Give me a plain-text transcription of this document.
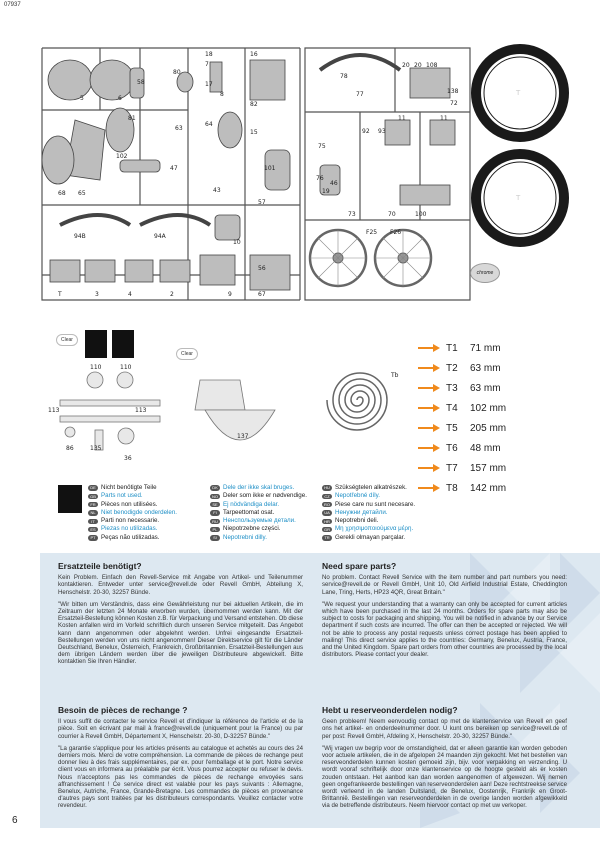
07937
5	6
58
80
18
17
7
16
8
82
20 20 108
138
72
78
77
81
63
64
15
11	11
102
47	101
75
92 93
68 65	43
76
46
19
57
73	70	100
94B	94A
10
F25 F26
T	3	4	2	9
56
67
T
T
chrome
Clear
Clear
110	110
113	113
86	135
36
137
Tb
T1	71 mm
T2	63 mm
T3	63 mm
T4	102 mm
T5	205 mm
T6	48 mm
T7	157 mm
T8	142 mm
DE Nicht benötigte Teile
GB Parts not used.
FR Pièces non utilisées.
NL Niet benodigde onderdelen.
IT	Parti non necessarie.
ES Piezas no utilizadas.
PT Peças não utilizadas.
DK Dele der ikke skal bruges.
NO Deler som ikke er nødvendige.
SE Ej nödvändiga delar.
FI	Tarpeettomat osat.
RU Ненспользуемые детали.
PL Niepotrzebne części.
SI Nepotrebni dilly.
HU Szükségtelen alkatrészek.
CZ Nepotřebné díly.
RO Piese care nu sunt necesare.
UA Ненужни детайли.
HR Nepotrebni deli.
GR Μη χρησιμοποιούμενα μέρη.
TR Gerekli olmayan parçalar.
Ersatzteile benötigt?

Kein Problem. Einfach den Revell-Service mit Angabe von Artikel- und Teilenummer kontaktieren. Entweder unter service@revell.de oder Revell GmbH, Abteilung X, Henschelstr. 20-30, 32257 Bünde.

"Wir bitten um Verständnis, dass eine Gewährleistung nur bei aktuellen Artikeln, die im Zeitraum der letzten 24 Monate erworben wurden, übernommen werden kann. Mit der Ersatzteil-Bestellung können Kosten z.B. für Verpackung und Versand entstehen. Ob diese Kosten anfallen wird im Vorfeld schriftlich durch unseren Service mitgeteilt. Das Angebot kann dann angenommen oder abgelehnt werden. Unfrei eingesandte Ersatzteil-Bestellungen werden von uns nicht angenommen! Dieser Direktservice gilt für die Länder Deutschland, Benelux, Österreich, Frankreich, Großbritannien. Ersatzteil-Bestellungen aus dem übrigen Ländern werden über die jeweiligen Distributeure abgewickelt. Bitte kontaktien Sie Ihren Händler.

Besoin de pièces de rechange ?

Il vous suffit de contacter le service Revell et d'indiquer la référence de l'article et de la pièce. Soit en écrivant par mail à france@revell.de (uniquement pour la France) ou par courrier à Revell GmbH, Département X, Henschelstr. 20-30, D-32257 Bünde."

"La garantie s'applique pour les articles présents au catalogue et achetés au cours des 24 derniers mois. Merci de votre compréhension. La commande de pièces de rechange peut donner lieu à des frais supplémentaires, par ex. pour l'emballage et le port. Notre service client vous en informera au préalable par écrit. Vous pourrez accepter ou refuser le devis. Nous n'acceptons pas les commandes de pièces de rechange envoyées sans affranchissement ! Ce service direct est valable pour les pays suivants : Allemagne, Benelux, Autriche, France, Grande-Bretagne. Les commandes de pièces en provenance d'autres pays sont traitées par les distributeurs correspondants. Veuillez contacter votre revendeur.

Need spare parts?

No problem. Contact Revell Service with the item number and part numbers you need: service@revell.de or Revell GmbH, Unit 10, Old Airfield Industrial Estate, Cheddington Lane, Tring, Herts, HP23 4QR, Great Britain."

"We request your understanding that a warranty can only be accepted for current articles which have been purchased in the last 24 months. Orders for spare parts may also be subject to costs for packaging and shipping. You will be notified in advance by our Service department if such costs are incurred. The offer can then be accepted or rejected. We will not be able to process any postal requests unless correct postage has been applied to mailing! This direct service applies to the countries: Germany, Benelux, Austria, France, and the United Kingdom. Spare part orders from other countries are processed by the local distributors. Please contact your dealer.

Hebt u reserveonderdelen nodig?

Geen probleem! Neem eenvoudig contact op met de klantenservice van Revell en geef ons het artikel- en onderdeelnummer door. U kunt ons bereiken op service@revell.de of per post: Revell GmbH, Afdeling X, Henschelstr. 20-30, 32257 Bünde."

"Wij vragen uw begrip voor de omstandigheid, dat er alleen garantie kan worden geboden voor actuele artikelen, die in de afgelopen 24 maanden zijn gekocht. Met het bestellen van reserveonderdelen kunnen kosten gemoeid zijn, bijv. voor verpakking en verzending. U wordt vooraf schriftelijk door onze klantenservice op de hoogte gesteld als er kosten zouden ontstaan. Het aanbod kan dan worden aangenomen of afgewezen. Wij nemen geen ongefrankeerde bestellingen van reserveonderdelen aan! Deze rechtstreekse service wordt verleend in de landen Duitsland, de Benelux, Oostenrijk, Frankrijk en Groot-Brittannië. Bestellingen van reserveonderdelen in de overige landen worden afgewikkeld via de betreffende distributeurs. Neem hiervoor contact op met uw verkoper.

6
